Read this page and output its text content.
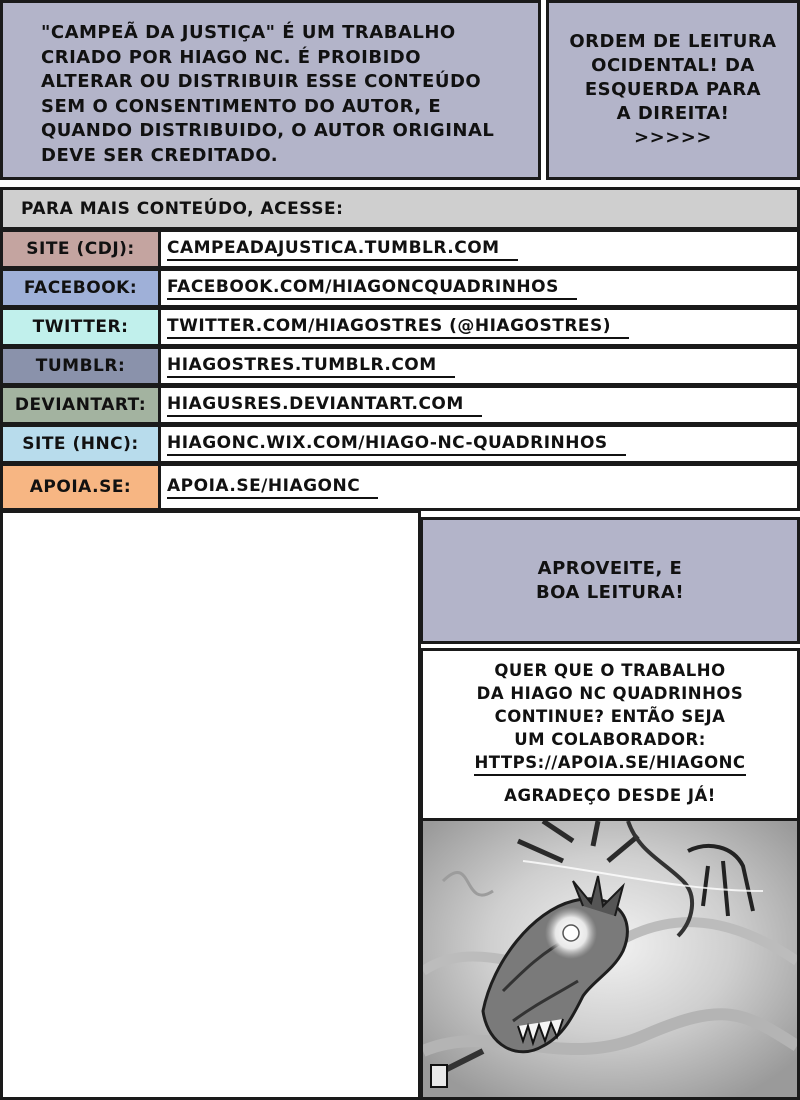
"CAMPEÃ DA JUSTIÇA" É UM TRABALHO
CRIADO POR HIAGO NC. É PROIBIDO
ALTERAR OU DISTRIBUIR ESSE CONTEÚDO
SEM O CONSENTIMENTO DO AUTOR, E
QUANDO DISTRIBUIDO, O AUTOR ORIGINAL
DEVE SER CREDITADO.
ORDEM DE LEITURA
OCIDENTAL! DA
ESQUERDA PARA
A DIREITA!
>>>>>
PARA MAIS CONTEÚDO, ACESSE:
SITE (CDJ):	CAMPEADAJUSTICA.TUMBLR.COM
FACEBOOK:	FACEBOOK.COM/HIAGONCQUADRINHOS
TWITTER:	TWITTER.COM/HIAGOSTRES (@HIAGOSTRES)
TUMBLR:	HIAGOSTRES.TUMBLR.COM
DEVIANTART:	HIAGUSRES.DEVIANTART.COM
SITE (HNC):	HIAGONC.WIX.COM/HIAGO-NC-QUADRINHOS
APOIA.SE:	APOIA.SE/HIAGONC
APROVEITE, E
BOA LEITURA!
QUER QUE O TRABALHO
DA HIAGO NC QUADRINHOS
CONTINUE? ENTÃO SEJA
UM COLABORADOR:
HTTPS://APOIA.SE/HIAGONC
AGRADEÇO DESDE JÁ!
